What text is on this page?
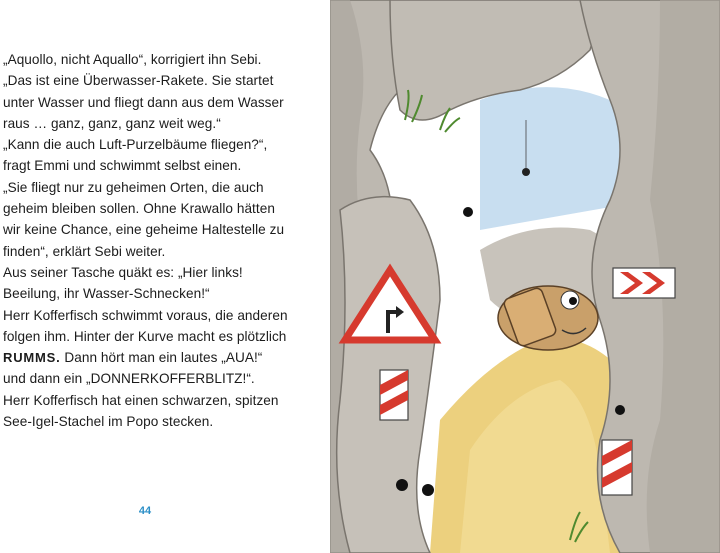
„Aquollo, nicht Aquallo“, korrigiert ihn Sebi.
„Das ist eine Überwasser-Rakete. Sie startet
unter Wasser und fliegt dann aus dem Wasser
raus … ganz, ganz, ganz weit weg.“
„Kann die auch Luft-Purzelbäume fliegen?“,
fragt Emmi und schwimmt selbst einen.
„Sie fliegt nur zu geheimen Orten, die auch
geheim bleiben sollen. Ohne Krawallo hätten
wir keine Chance, eine geheime Haltestelle zu
finden“, erklärt Sebi weiter.
Aus seiner Tasche quäkt es: „Hier links!
Beeilung, ihr Wasser-Schnecken!“
Herr Kofferfisch schwimmt voraus, die anderen
folgen ihm. Hinter der Kurve macht es plötzlich
RUMMS. Dann hört man ein lautes „AUA!“
und dann ein „DONNERKOFFERBLITZ!“.
Herr Kofferfisch hat einen schwarzen, spitzen
See-Igel-Stachel im Popo stecken.
44
